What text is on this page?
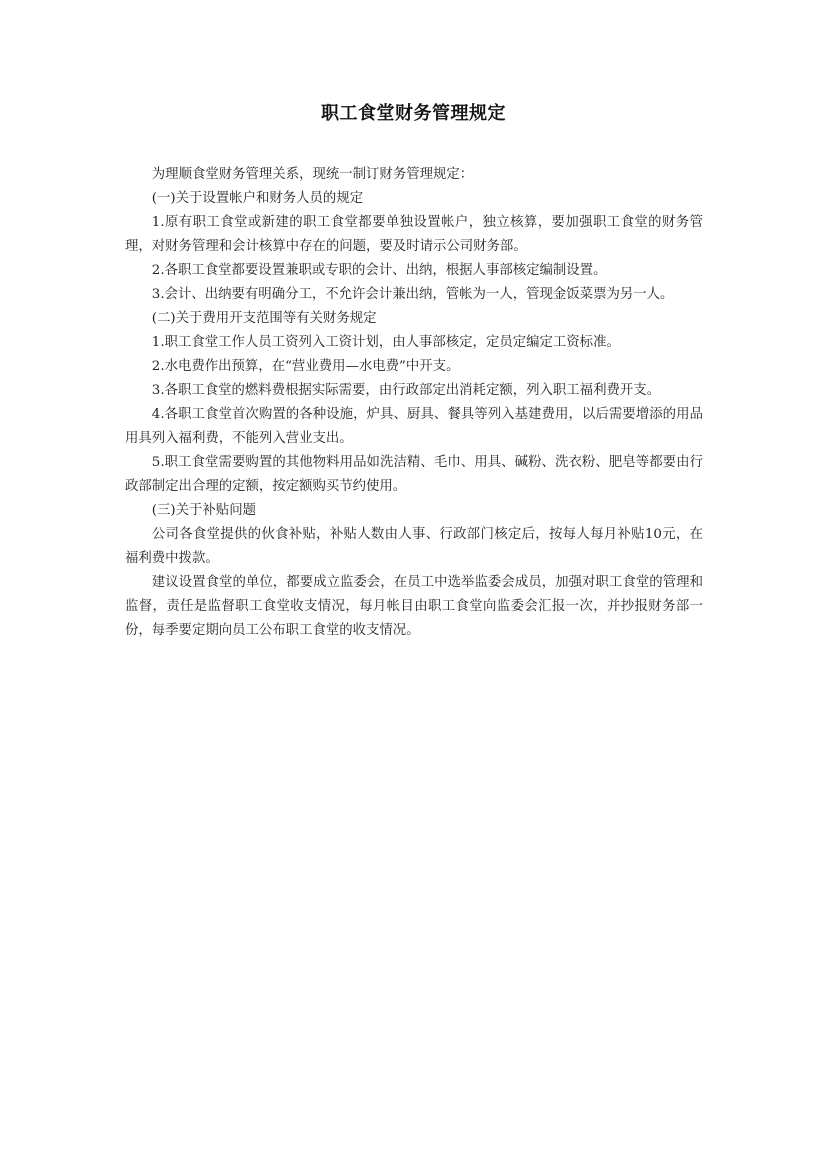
职工食堂财务管理规定

为理顺食堂财务管理关系，现统一制订财务管理规定：

(一)关于设置帐户和财务人员的规定

1.原有职工食堂或新建的职工食堂都要单独设置帐户，独立核算，要加强职工食堂的财务管理，对财务管理和会计核算中存在的问题，要及时请示公司财务部。

2.各职工食堂都要设置兼职或专职的会计、出纳，根据人事部核定编制设置。

3.会计、出纳要有明确分工，不允许会计兼出纳，管帐为一人，管现金饭菜票为另一人。

(二)关于费用开支范围等有关财务规定

1.职工食堂工作人员工资列入工资计划，由人事部核定，定员定编定工资标准。

2.水电费作出预算，在“营业费用—水电费”中开支。

3.各职工食堂的燃料费根据实际需要，由行政部定出消耗定额，列入职工福利费开支。

4.各职工食堂首次购置的各种设施，炉具、厨具、餐具等列入基建费用，以后需要增添的用品用具列入福利费，不能列入营业支出。

5.职工食堂需要购置的其他物料用品如洗洁精、毛巾、用具、碱粉、洗衣粉、肥皂等都要由行政部制定出合理的定额，按定额购买节约使用。

(三)关于补贴问题

公司各食堂提供的伙食补贴，补贴人数由人事、行政部门核定后，按每人每月补贴10元，在福利费中拨款。

建议设置食堂的单位，都要成立监委会，在员工中选举监委会成员，加强对职工食堂的管理和监督，责任是监督职工食堂收支情况，每月帐目由职工食堂向监委会汇报一次，并抄报财务部一份，每季要定期向员工公布职工食堂的收支情况。
